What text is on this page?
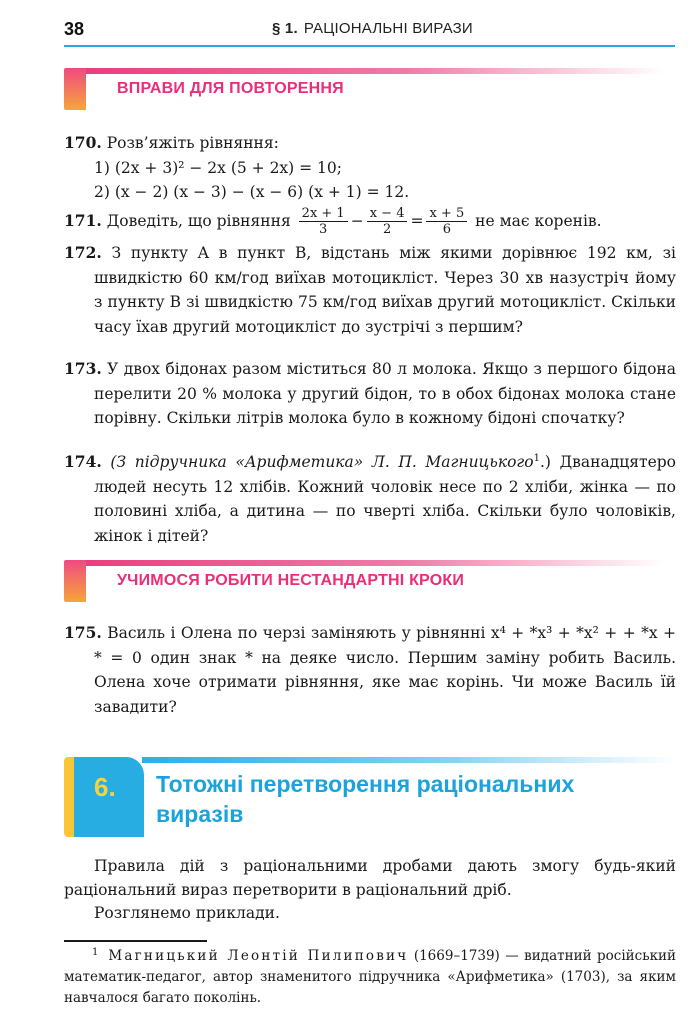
38	§ 1. РАЦІОНАЛЬНІ ВИРАЗИ
ВПРАВИ ДЛЯ ПОВТОРЕННЯ
170. Розв’яжіть рівняння:
1) (2x + 3)² − 2x (5 + 2x) = 10;
2) (x − 2) (x − 3) − (x − 6) (x + 1) = 12.
171.
Доведіть, що рівняння
$\frac{2x + 1}{3} - \frac{x - 4}{2} = \frac{x + 5}{6}$
не має коренів.
172. З пункту A в пункт B, відстань між якими дорівнює 192 км, зі швидкістю 60 км/год виїхав мотоцикліст. Через 30 хв назустріч йому з пункту B зі швидкістю 75 км/год виїхав другий мотоцикліст. Скільки часу їхав другий мотоцикліст до зустрічі з першим?
173. У двох бідонах разом міститься 80 л молока. Якщо з першого бідона перелити 20 % молока у другий бідон, то в обох бідонах молока стане порівну. Скільки літрів молока було в кожному бідоні спочатку?
174. (З підручника «Арифметика» Л. П. Магницького$^1$.) Дванадцятеро людей несуть 12 хлібів. Кожний чоловік несе по 2 хліби, жінка — по половині хліба, а дитина — по чверті хліба. Скільки було чоловіків, жінок і дітей?
УЧИМОСЯ РОБИТИ НЕСТАНДАРТНІ КРОКИ
175. Василь і Олена по черзі заміняють у рівнянні x⁴ + *x³ + *x² + + *x + * = 0 один знак * на деяке число. Першим заміну робить Василь. Олена хоче отримати рівняння, яке має корінь. Чи може Василь їй завадити?
6. Тотожні перетворення раціональних виразів
Правила дій з раціональними дробами дають змогу будь-який раціональний вираз перетворити в раціональний дріб.
Розглянемо приклади.
$^1$ Магницький Леонтій Пилипович (1669–1739) — видатний російський математик-педагог, автор знаменитого підручника «Арифметика» (1703), за яким навчалося багато поколінь.
